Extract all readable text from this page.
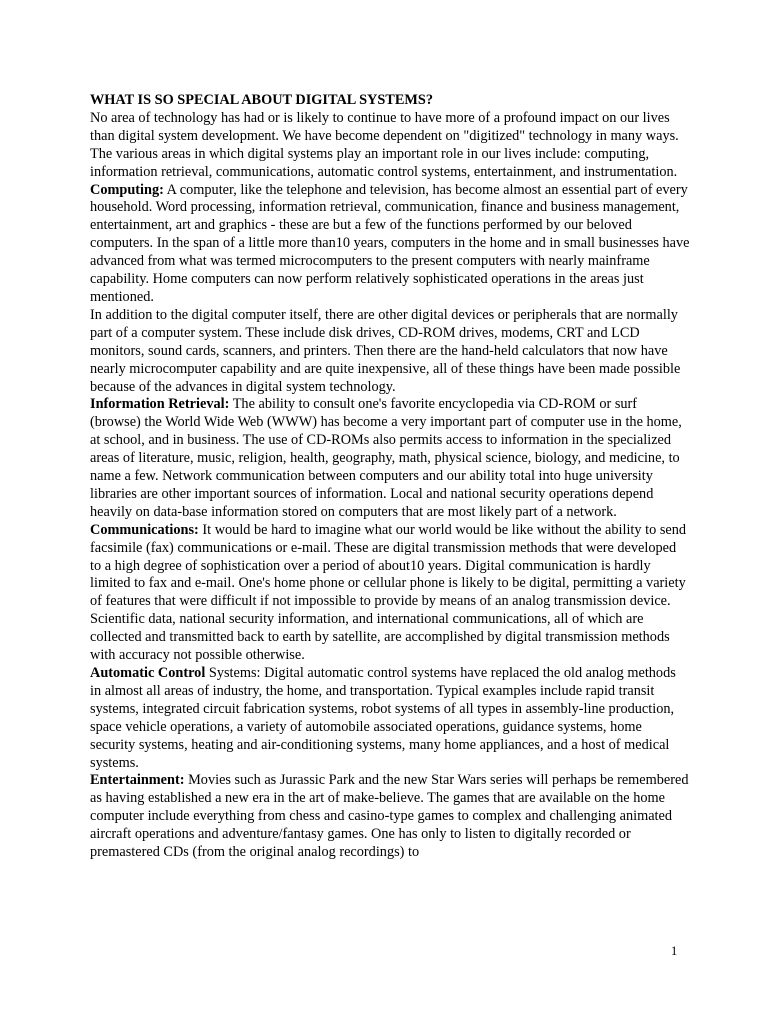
WHAT IS SO SPECIAL ABOUT DIGITAL SYSTEMS?

No area of technology has had or is likely to continue to have more of a profound impact on our lives than digital system development. We have become dependent on "digitized" technology in many ways.

The various areas in which digital systems play an important role in our lives include: computing, information retrieval, communications, automatic control systems, entertainment, and instrumentation.

Computing: A computer, like the telephone and television, has become almost an essential part of every household. Word processing, information retrieval, communication, finance and business management, entertainment, art and graphics - these are but a few of the functions performed by our beloved computers. In the span of a little more than10 years, computers in the home and in small businesses have advanced from what was termed microcomputers to the present computers with nearly mainframe capability. Home computers can now perform relatively sophisticated operations in the areas just mentioned.

In addition to the digital computer itself, there are other digital devices or peripherals that are normally part of a computer system. These include disk drives, CD-ROM drives, modems, CRT and LCD monitors, sound cards, scanners, and printers. Then there are the hand-held calculators that now have nearly microcomputer capability and are quite inexpensive, all of these things have been made possible because of the advances in digital system technology.

Information Retrieval: The ability to consult one's favorite encyclopedia via CD-ROM or surf (browse) the World Wide Web (WWW) has become a very important part of computer use in the home, at school, and in business. The use of CD-ROMs also permits access to information in the specialized areas of literature, music, religion, health, geography, math, physical science, biology, and medicine, to name a few. Network communication between computers and our ability total into huge university libraries are other important sources of information. Local and national security operations depend heavily on data-base information stored on computers that are most likely part of a network.

Communications: It would be hard to imagine what our world would be like without the ability to send facsimile (fax) communications or e-mail. These are digital transmission methods that were developed to a high degree of sophistication over a period of about10 years. Digital communication is hardly limited to fax and e-mail. One's home phone or cellular phone is likely to be digital, permitting a variety of features that were difficult if not impossible to provide by means of an analog transmission device. Scientific data, national security information, and international communications, all of which are collected and transmitted back to earth by satellite, are accomplished by digital transmission methods with accuracy not possible otherwise.

Automatic Control Systems: Digital automatic control systems have replaced the old analog methods in almost all areas of industry, the home, and transportation. Typical examples include rapid transit systems, integrated circuit fabrication systems, robot systems of all types in assembly-line production, space vehicle operations, a variety of automobile associated operations, guidance systems, home security systems, heating and air-conditioning systems, many home appliances, and a host of medical systems.

Entertainment: Movies such as Jurassic Park and the new Star Wars series will perhaps be remembered as having established a new era in the art of make-believe. The games that are available on the home computer include everything from chess and casino-type games to complex and challenging animated aircraft operations and adventure/fantasy games. One has only to listen to digitally recorded or premastered CDs (from the original analog recordings) to

1
